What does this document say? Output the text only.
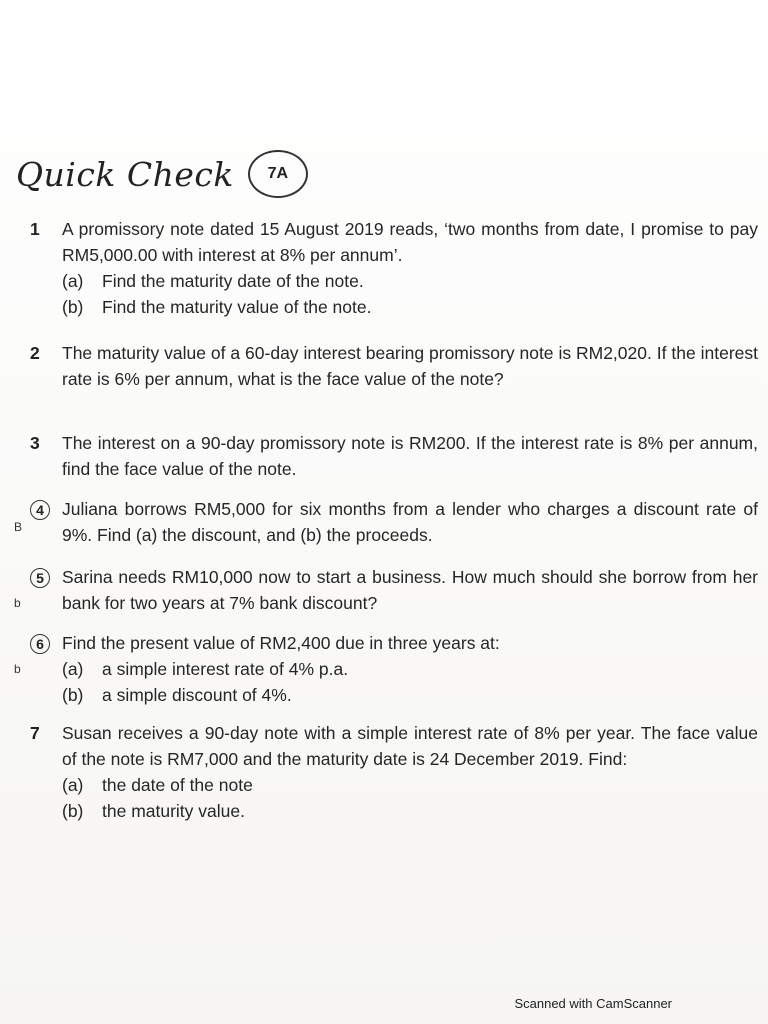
Quick Check	7A
1	A promissory note dated 15 August 2019 reads, ‘two months from date, I promise to pay RM5,000.00 with interest at 8% per annum’.
(a)	Find the maturity date of the note.
(b)	Find the maturity value of the note.
2	The maturity value of a 60-day interest bearing promissory note is RM2,020. If the interest rate is 6% per annum, what is the face value of the note?
3	The interest on a 90-day promissory note is RM200. If the interest rate is 8% per annum, find the face value of the note.
4	Juliana borrows RM5,000 for six months from a lender who charges a discount rate of 9%. Find (a) the discount, and (b) the proceeds.
B
5	Sarina needs RM10,000 now to start a business. How much should she borrow from her bank for two years at 7% bank discount?
b
6	Find the present value of RM2,400 due in three years at:
(a)	a simple interest rate of 4% p.a.
(b)	a simple discount of 4%.
b
7	Susan receives a 90-day note with a simple interest rate of 8% per year. The face value of the note is RM7,000 and the maturity date is 24 December 2019. Find:
(a)	the date of the note
(b)	the maturity value.
Scanned with CamScanner
